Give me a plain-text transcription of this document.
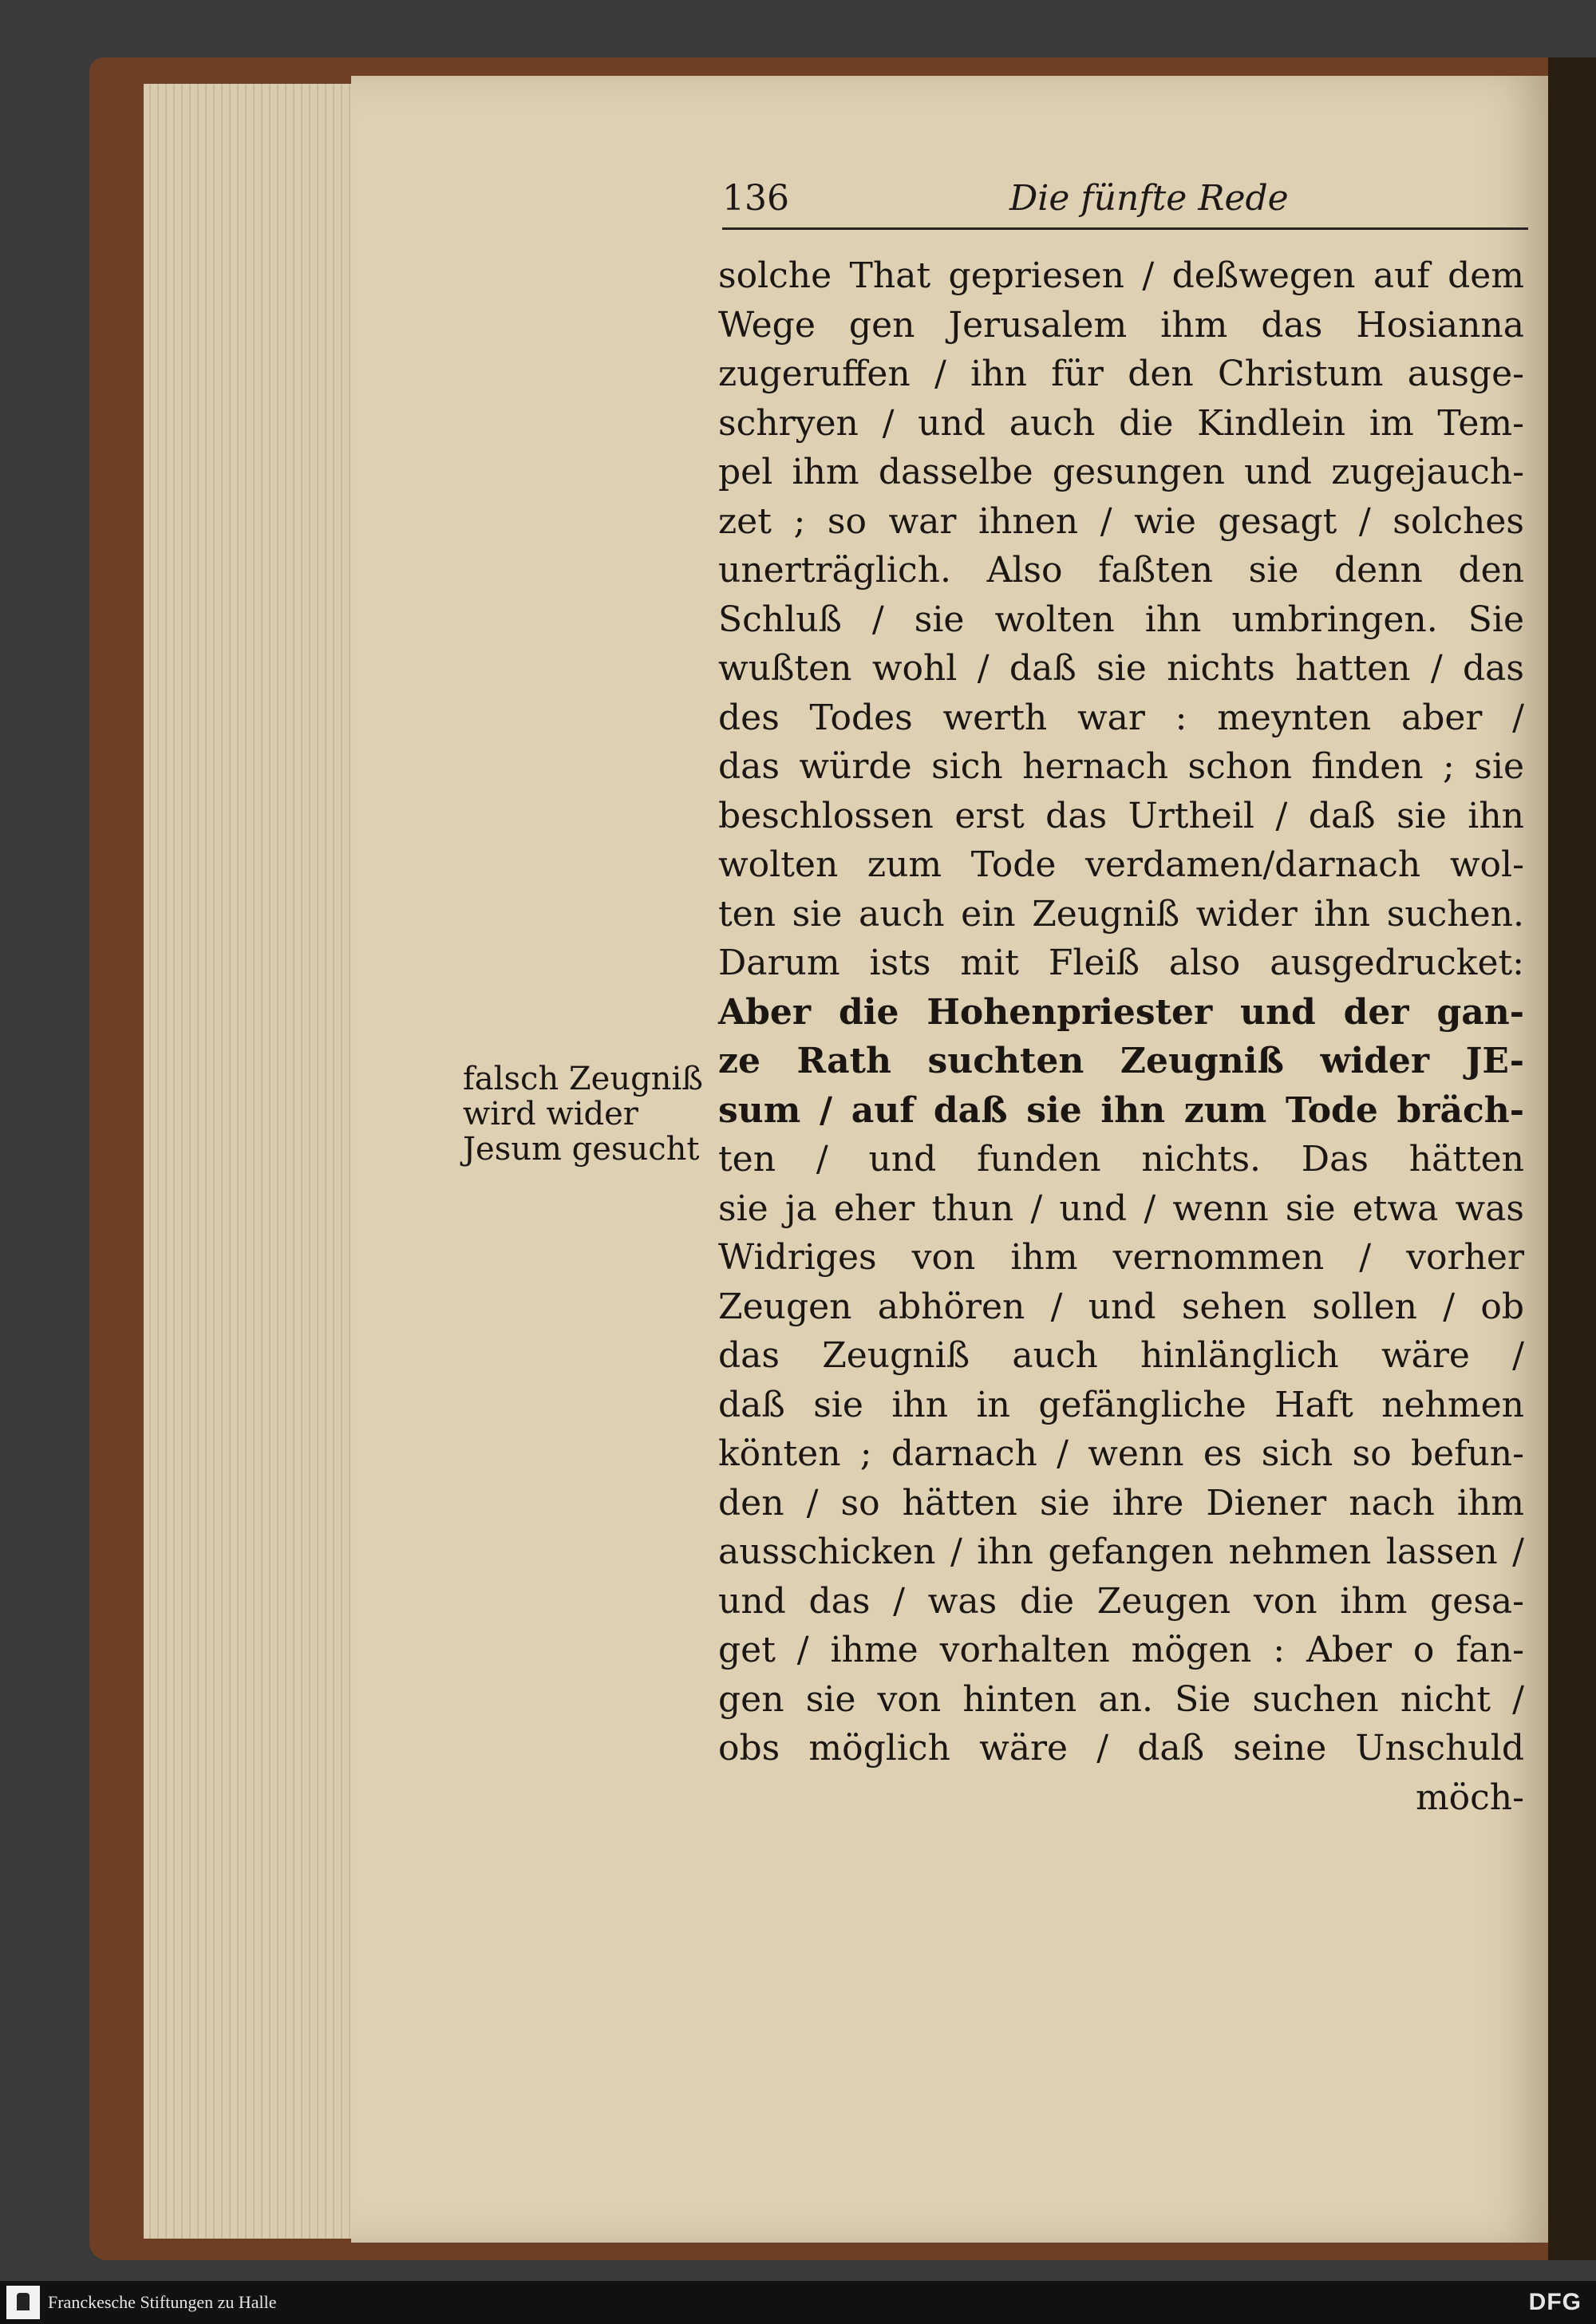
136	Die fünfte Rede
falsch Zeugniß
wird wider
Jesum gesucht
solche That gepriesen / deßwegen auf dem
Wege gen Jerusalem ihm das Hosianna
zugeruffen / ihn für den Christum ausge-
schryen / und auch die Kindlein im Tem-
pel ihm dasselbe gesungen und zugejauch-
zet ; so war ihnen / wie gesagt / solches
unerträglich. Also faßten sie denn den
Schluß / sie wolten ihn umbringen. Sie
wußten wohl / daß sie nichts hatten / das
des Todes werth war : meynten aber /
das würde sich hernach schon finden ; sie
beschlossen erst das Urtheil / daß sie ihn
wolten zum Tode verdamen/darnach wol-
ten sie auch ein Zeugniß wider ihn suchen.
Darum ists mit Fleiß also ausgedrucket:
Aber die Hohenpriester und der gan-
ze Rath suchten Zeugniß wider JE-
sum / auf daß sie ihn zum Tode bräch-
ten / und funden nichts. Das hätten
sie ja eher thun / und / wenn sie etwa was
Widriges von ihm vernommen / vorher
Zeugen abhören / und sehen sollen / ob
das Zeugniß auch hinlänglich wäre /
daß sie ihn in gefängliche Haft nehmen
könten ; darnach / wenn es sich so befun-
den / so hätten sie ihre Diener nach ihm
ausschicken / ihn gefangen nehmen lassen /
und das / was die Zeugen von ihm gesa-
get / ihme vorhalten mögen : Aber o fan-
gen sie von hinten an. Sie suchen nicht /
obs möglich wäre / daß seine Unschuld
möch-
Franckesche Stiftungen zu Halle	DFG
